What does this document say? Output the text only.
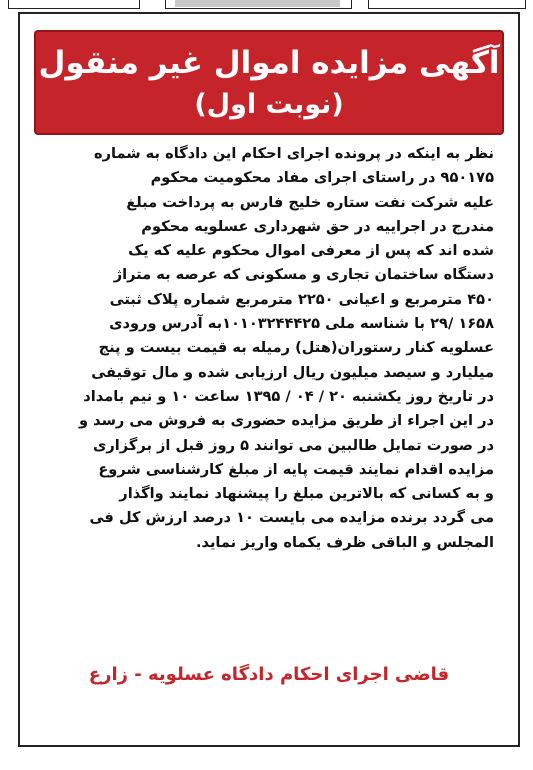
آگهی مزایده اموال غیر منقول
(نوبت اول)
نظر به اینکه در پرونده اجرای احکام این دادگاه به شماره
۹۵۰۱۷۵ در راستای اجرای مفاد محکومیت محکوم
علیه شرکت نفت ستاره خلیج فارس به پرداخت مبلغ
مندرج در اجراییه در حق شهرداری عسلویه محکوم
شده اند که پس از معرفی اموال محکوم علیه که یک
دستگاه ساختمان تجاری و مسکونی که عرصه به متراژ
۴۵۰ مترمربع و اعیانی ۲۲۵۰ مترمربع شماره پلاک ثبتی
۱۶۵۸ /۲۹ با شناسه ملی ۱۰۱۰۳۲۴۴۴۲۵به آدرس ورودی
عسلویه کنار رستوران(هتل) رمیله به قیمت بیست و پنج
میلیارد و سیصد میلیون ریال ارزیابی شده و مال توقیفی
در تاریخ روز یکشنبه ۲۰ / ۰۴ / ۱۳۹۵ ساعت ۱۰ و نیم بامداد
در این اجراء از طریق مزایده حضوری به فروش می رسد و
در صورت تمایل طالبین می توانند ۵ روز قبل از برگزاری
مزایده اقدام نمایند قیمت پایه از مبلغ کارشناسی شروع
و به کسانی که بالاترین مبلغ را پیشنهاد نمایند واگذار
می گردد برنده مزایده می بایست ۱۰ درصد ارزش کل فی
المجلس و الباقی ظرف یکماه واریز نماید.
قاضی اجرای احکام دادگاه عسلویه - زارع
